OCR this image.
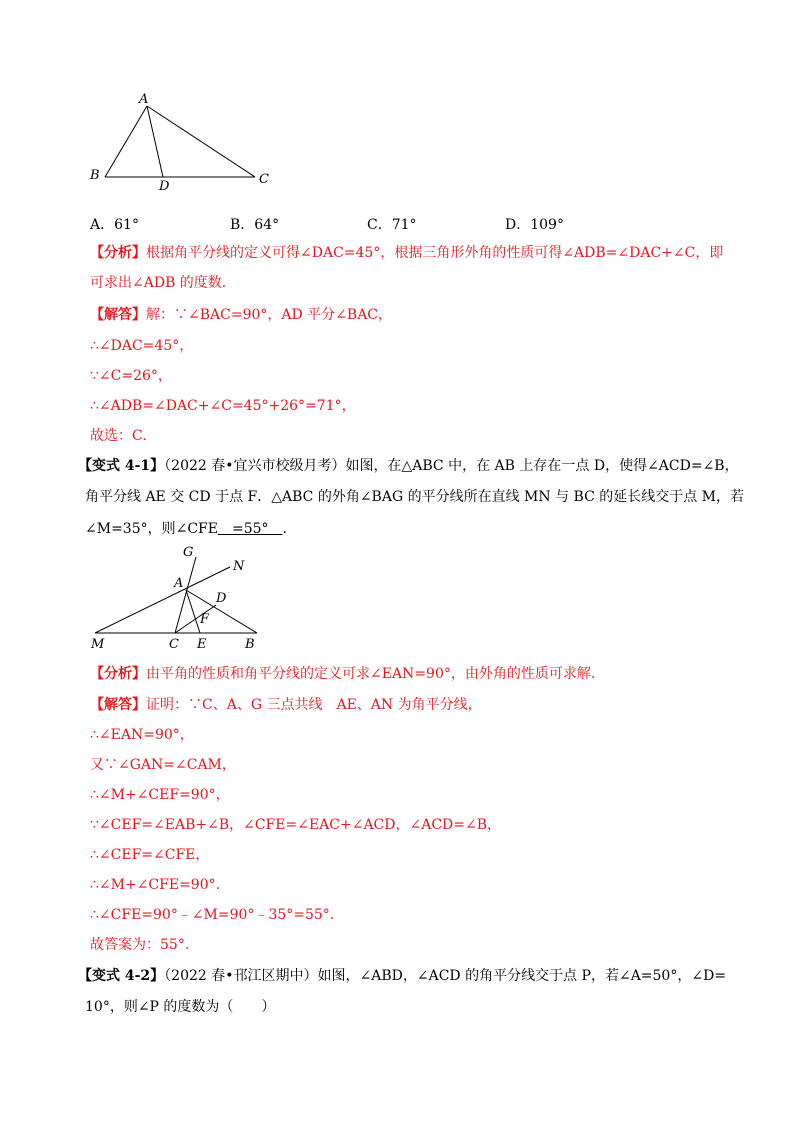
A
B	C
D
A．61°	B．64°	C．71°	D．109°
【分析】根据角平分线的定义可得∠DAC=45°，根据三角形外角的性质可得∠ADB=∠DAC+∠C，即
可求出∠ADB 的度数.
【解答】解：∵∠BAC=90°，AD 平分∠BAC，
∴∠DAC=45°，
∵∠C=26°，
∴∠ADB=∠DAC+∠C=45°+26°=71°，
故选：C.
【变式 4-1】（2022 春•宜兴市校级月考）如图，在△ABC 中，在 AB 上存在一点 D，使得∠ACD=∠B，
角平分线 AE 交 CD 于点 F．△ABC 的外角∠BAG 的平分线所在直线 MN 与 BC 的延长线交于点 M，若
∠M=35°，则∠CFE　=55°　.
G
N
A
D
F
M	C E	B
【分析】由平角的性质和角平分线的定义可求∠EAN=90°，由外角的性质可求解.
【解答】证明：∵C、A、G 三点共线　AE、AN 为角平分线，
∴∠EAN=90°，
又∵∠GAN=∠CAM，
∴∠M+∠CEF=90°，
∵∠CEF=∠EAB+∠B，∠CFE=∠EAC+∠ACD，∠ACD=∠B，
∴∠CEF=∠CFE，
∴∠M+∠CFE=90°.
∴∠CFE=90°﹣∠M=90°﹣35°=55°.
故答案为：55°.
【变式 4-2】（2022 春•邗江区期中）如图，∠ABD，∠ACD 的角平分线交于点 P，若∠A=50°，∠D=
10°，则∠P 的度数为（　　）
